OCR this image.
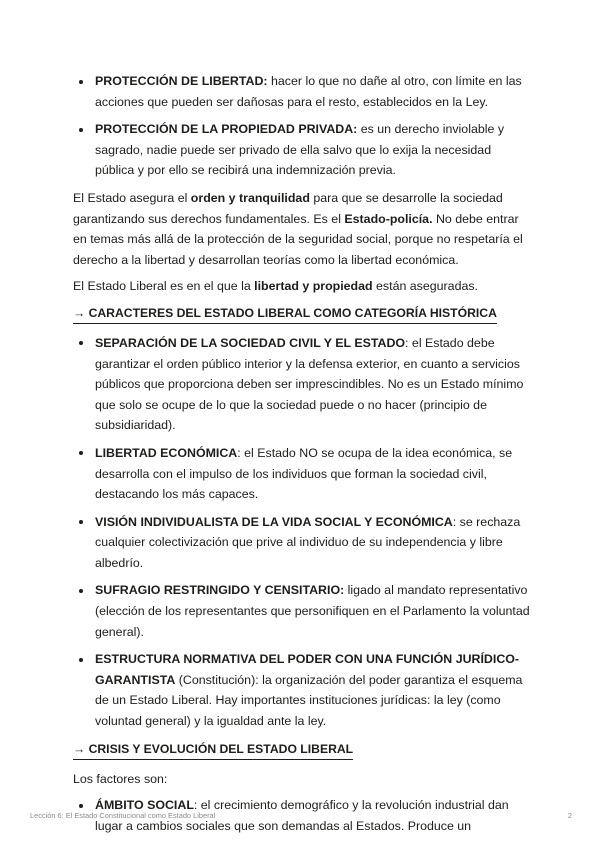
PROTECCIÓN DE LIBERTAD: hacer lo que no dañe al otro, con límite en las acciones que pueden ser dañosas para el resto, establecidos en la Ley.
PROTECCIÓN DE LA PROPIEDAD PRIVADA: es un derecho inviolable y sagrado, nadie puede ser privado de ella salvo que lo exija la necesidad pública y por ello se recibirá una indemnización previa.

El Estado asegura el orden y tranquilidad para que se desarrolle la sociedad garantizando sus derechos fundamentales. Es el Estado-policía. No debe entrar en temas más allá de la protección de la seguridad social, porque no respetaría el derecho a la libertad y desarrollan teorías como la libertad económica.

El Estado Liberal es en el que la libertad y propiedad están aseguradas.

→ CARACTERES DEL ESTADO LIBERAL COMO CATEGORÍA HISTÓRICA
SEPARACIÓN DE LA SOCIEDAD CIVIL Y EL ESTADO: el Estado debe garantizar el orden público interior y la defensa exterior, en cuanto a servicios públicos que proporciona deben ser imprescindibles. No es un Estado mínimo que solo se ocupe de lo que la sociedad puede o no hacer (principio de subsidiaridad).
LIBERTAD ECONÓMICA: el Estado NO se ocupa de la idea económica, se desarrolla con el impulso de los individuos que forman la sociedad civil, destacando los más capaces.
VISIÓN INDIVIDUALISTA DE LA VIDA SOCIAL Y ECONÓMICA: se rechaza cualquier colectivización que prive al individuo de su independencia y libre albedrío.
SUFRAGIO RESTRINGIDO Y CENSITARIO: ligado al mandato representativo (elección de los representantes que personifiquen en el Parlamento la voluntad general).
ESTRUCTURA NORMATIVA DEL PODER CON UNA FUNCIÓN JURÍDICO-GARANTISTA (Constitución): la organización del poder garantiza el esquema de un Estado Liberal. Hay importantes instituciones jurídicas: la ley (como voluntad general) y la igualdad ante la ley.
→ CRISIS Y EVOLUCIÓN DEL ESTADO LIBERAL

Los factores son:

ÁMBITO SOCIAL: el crecimiento demográfico y la revolución industrial dan lugar a cambios sociales que son demandas al Estados. Produce un
Lección 6: El Estado Constitucional como Estado Liberal	2
